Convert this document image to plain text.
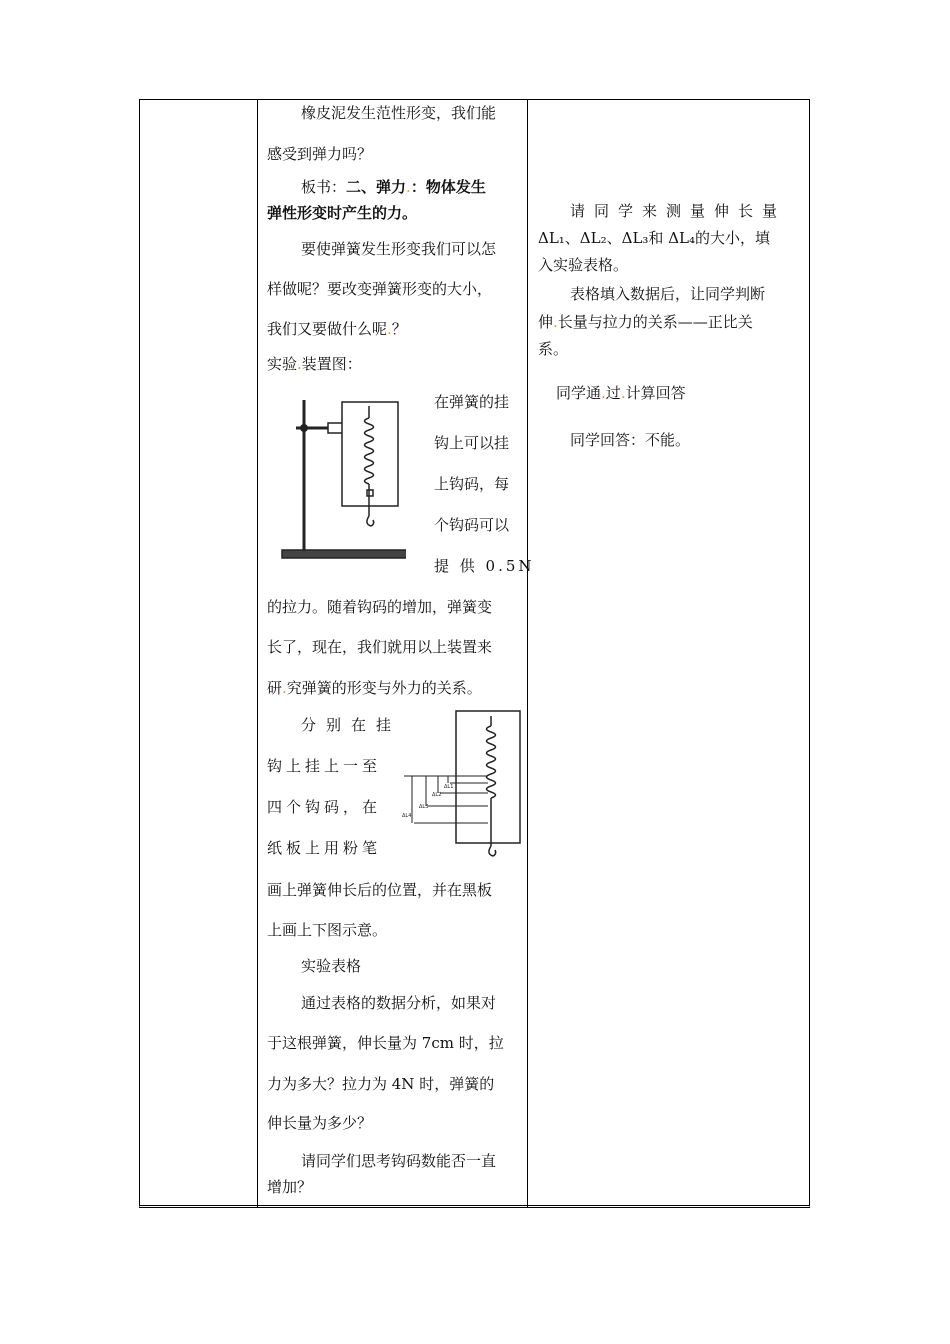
橡皮泥发生范性形变，我们能
感受到弹力吗？
板书：二、弹力.：物体发生
弹性形变时产生的力。
要使弹簧发生形变我们可以怎
样做呢？要改变弹簧形变的大小，
我们又要做什么呢.？
实验.装置图：
在弹簧的挂
钩上可以挂
上钩码，每
个钩码可以
提 供 0.5N
的拉力。随着钩码的增加，弹簧变
长了，现在，我们就用以上装置来
研.究弹簧的形变与外力的关系。
ΔL1
ΔL2
ΔL3
ΔL4
分别在挂
钩上挂上一至
四个钩码，在
纸板上用粉笔
画上弹簧伸长后的位置，并在黑板
上画上下图示意。
实验表格
通过表格的数据分析，如果对
于这根弹簧，伸长量为 7cm 时，拉
力为多大？拉力为 4N 时，弹簧的
伸长量为多少？
请同学们思考钩码数能否一直
增加？
请同学来测量伸长量
ΔL₁、ΔL₂、ΔL₃和 ΔL₄的大小，填
入实验表格。
表格填入数据后，让同学判断
伸.长量与拉力的关系——正比关
系。
同学通.过.计算回答
同学回答：不能。
